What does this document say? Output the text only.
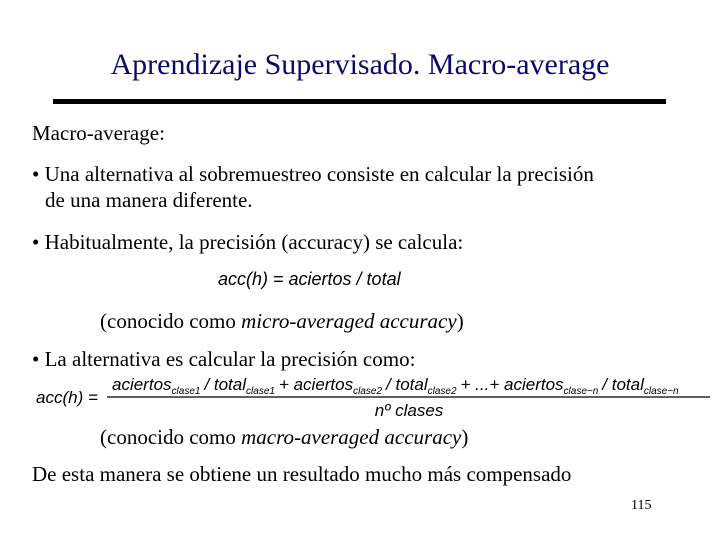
Aprendizaje Supervisado. Macro-average
Macro-average:
• Una alternativa al sobremuestreo consiste en calcular la precisión
de una manera diferente.
• Habitualmente, la precisión (accuracy) se calcula:
acc(h) = aciertos / total
(conocido como micro-averaged accuracy)
• La alternativa es calcular la precisión como:
acc(h) =
aciertos$_{clase1}$ / total$_{clase1}$ + aciertos$_{clase2}$ / total$_{clase2}$ + ...+ aciertos$_{clase-n}$ / total$_{clase-n}$
nº clases
(conocido como macro-averaged accuracy)
De esta manera se obtiene un resultado mucho más compensado
115
